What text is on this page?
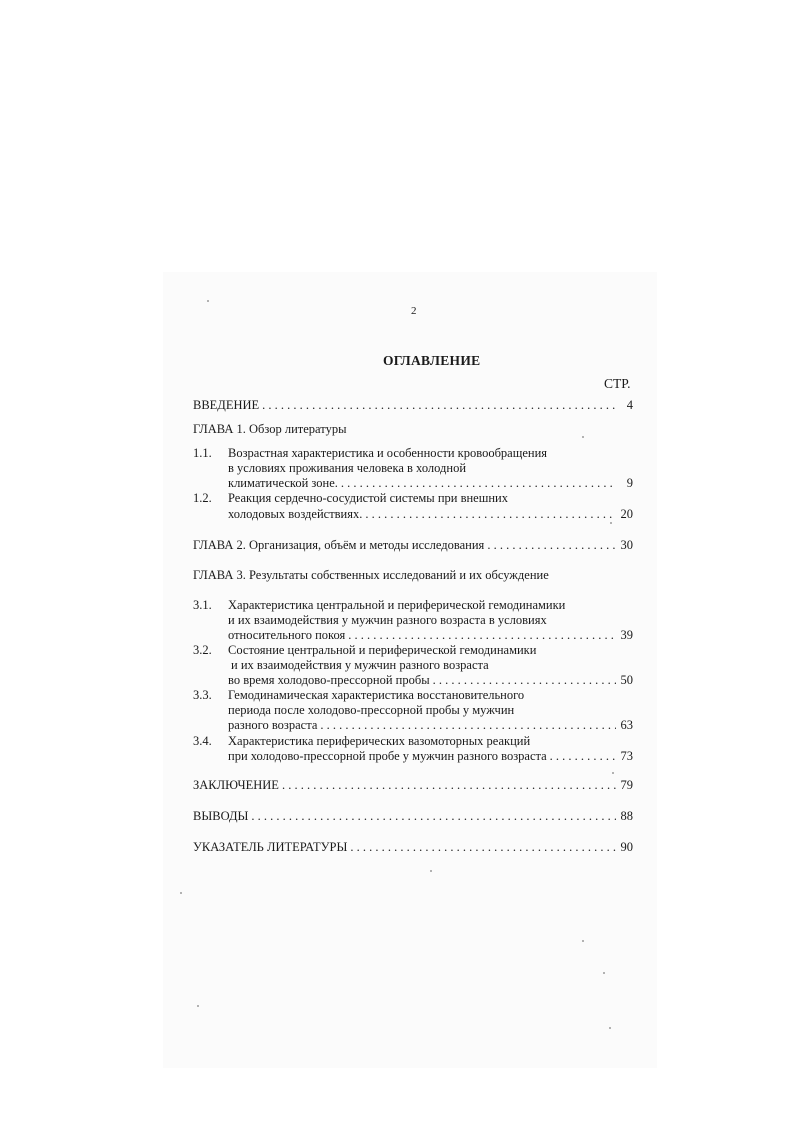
2
ОГЛАВЛЕНИЕ
СТР.
ВВЕДЕНИЕ . . .	4
ГЛАВА 1. Обзор литературы
1.1. Возрастная характеристика и особенности кровообращения
в условиях проживания человека в холодной
климатической зоне. . . .	9
1.2. Реакция сердечно-сосудистой системы при внешних
холодовых воздействиях. . . .	20
ГЛАВА 2. Организация, объём и методы исследования . . .	30
ГЛАВА 3. Результаты собственных исследований и их обсуждение
3.1. Характеристика центральной и периферической гемодинамики
и их взаимодействия у мужчин разного возраста в условиях
относительного покоя . . .	39
3.2. Состояние центральной и периферической гемодинамики
и их взаимодействия у мужчин разного возраста
во время холодово-прессорной пробы . . .	50
3.3. Гемодинамическая характеристика восстановительного
периода после холодово-прессорной пробы у мужчин
разного возраста . . .	63
3.4. Характеристика периферических вазомоторных реакций
при холодово-прессорной пробе у мужчин разного возраста . . .	73
ЗАКЛЮЧЕНИЕ . . .	79
ВЫВОДЫ . . .	88
УКАЗАТЕЛЬ ЛИТЕРАТУРЫ . . .	90
